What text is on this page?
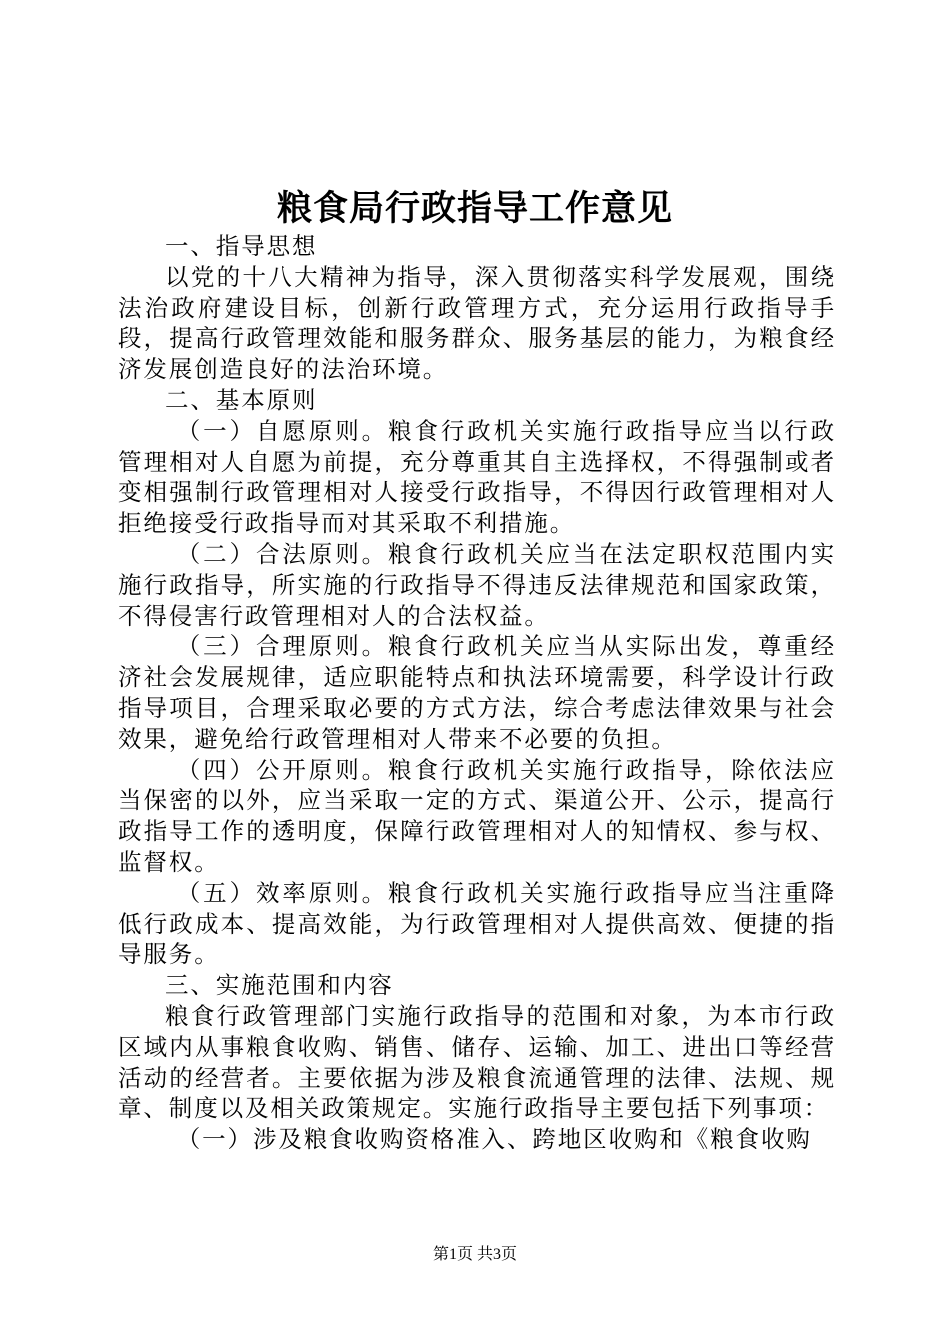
粮食局行政指导工作意见

一、指导思想

以党的十八大精神为指导，深入贯彻落实科学发展观，围绕法治政府建设目标，创新行政管理方式，充分运用行政指导手段，提高行政管理效能和服务群众、服务基层的能力，为粮食经济发展创造良好的法治环境。

二、基本原则

（一）自愿原则。粮食行政机关实施行政指导应当以行政管理相对人自愿为前提，充分尊重其自主选择权，不得强制或者变相强制行政管理相对人接受行政指导，不得因行政管理相对人拒绝接受行政指导而对其采取不利措施。

（二）合法原则。粮食行政机关应当在法定职权范围内实施行政指导，所实施的行政指导不得违反法律规范和国家政策，不得侵害行政管理相对人的合法权益。

（三）合理原则。粮食行政机关应当从实际出发，尊重经济社会发展规律，适应职能特点和执法环境需要，科学设计行政指导项目，合理采取必要的方式方法，综合考虑法律效果与社会效果，避免给行政管理相对人带来不必要的负担。

（四）公开原则。粮食行政机关实施行政指导，除依法应当保密的以外，应当采取一定的方式、渠道公开、公示，提高行政指导工作的透明度，保障行政管理相对人的知情权、参与权、监督权。

（五）效率原则。粮食行政机关实施行政指导应当注重降低行政成本、提高效能，为行政管理相对人提供高效、便捷的指导服务。

三、实施范围和内容

粮食行政管理部门实施行政指导的范围和对象，为本市行政区域内从事粮食收购、销售、储存、运输、加工、进出口等经营活动的经营者。主要依据为涉及粮食流通管理的法律、法规、规章、制度以及相关政策规定。实施行政指导主要包括下列事项：

（一）涉及粮食收购资格准入、跨地区收购和《粮食收购

第1页 共3页
